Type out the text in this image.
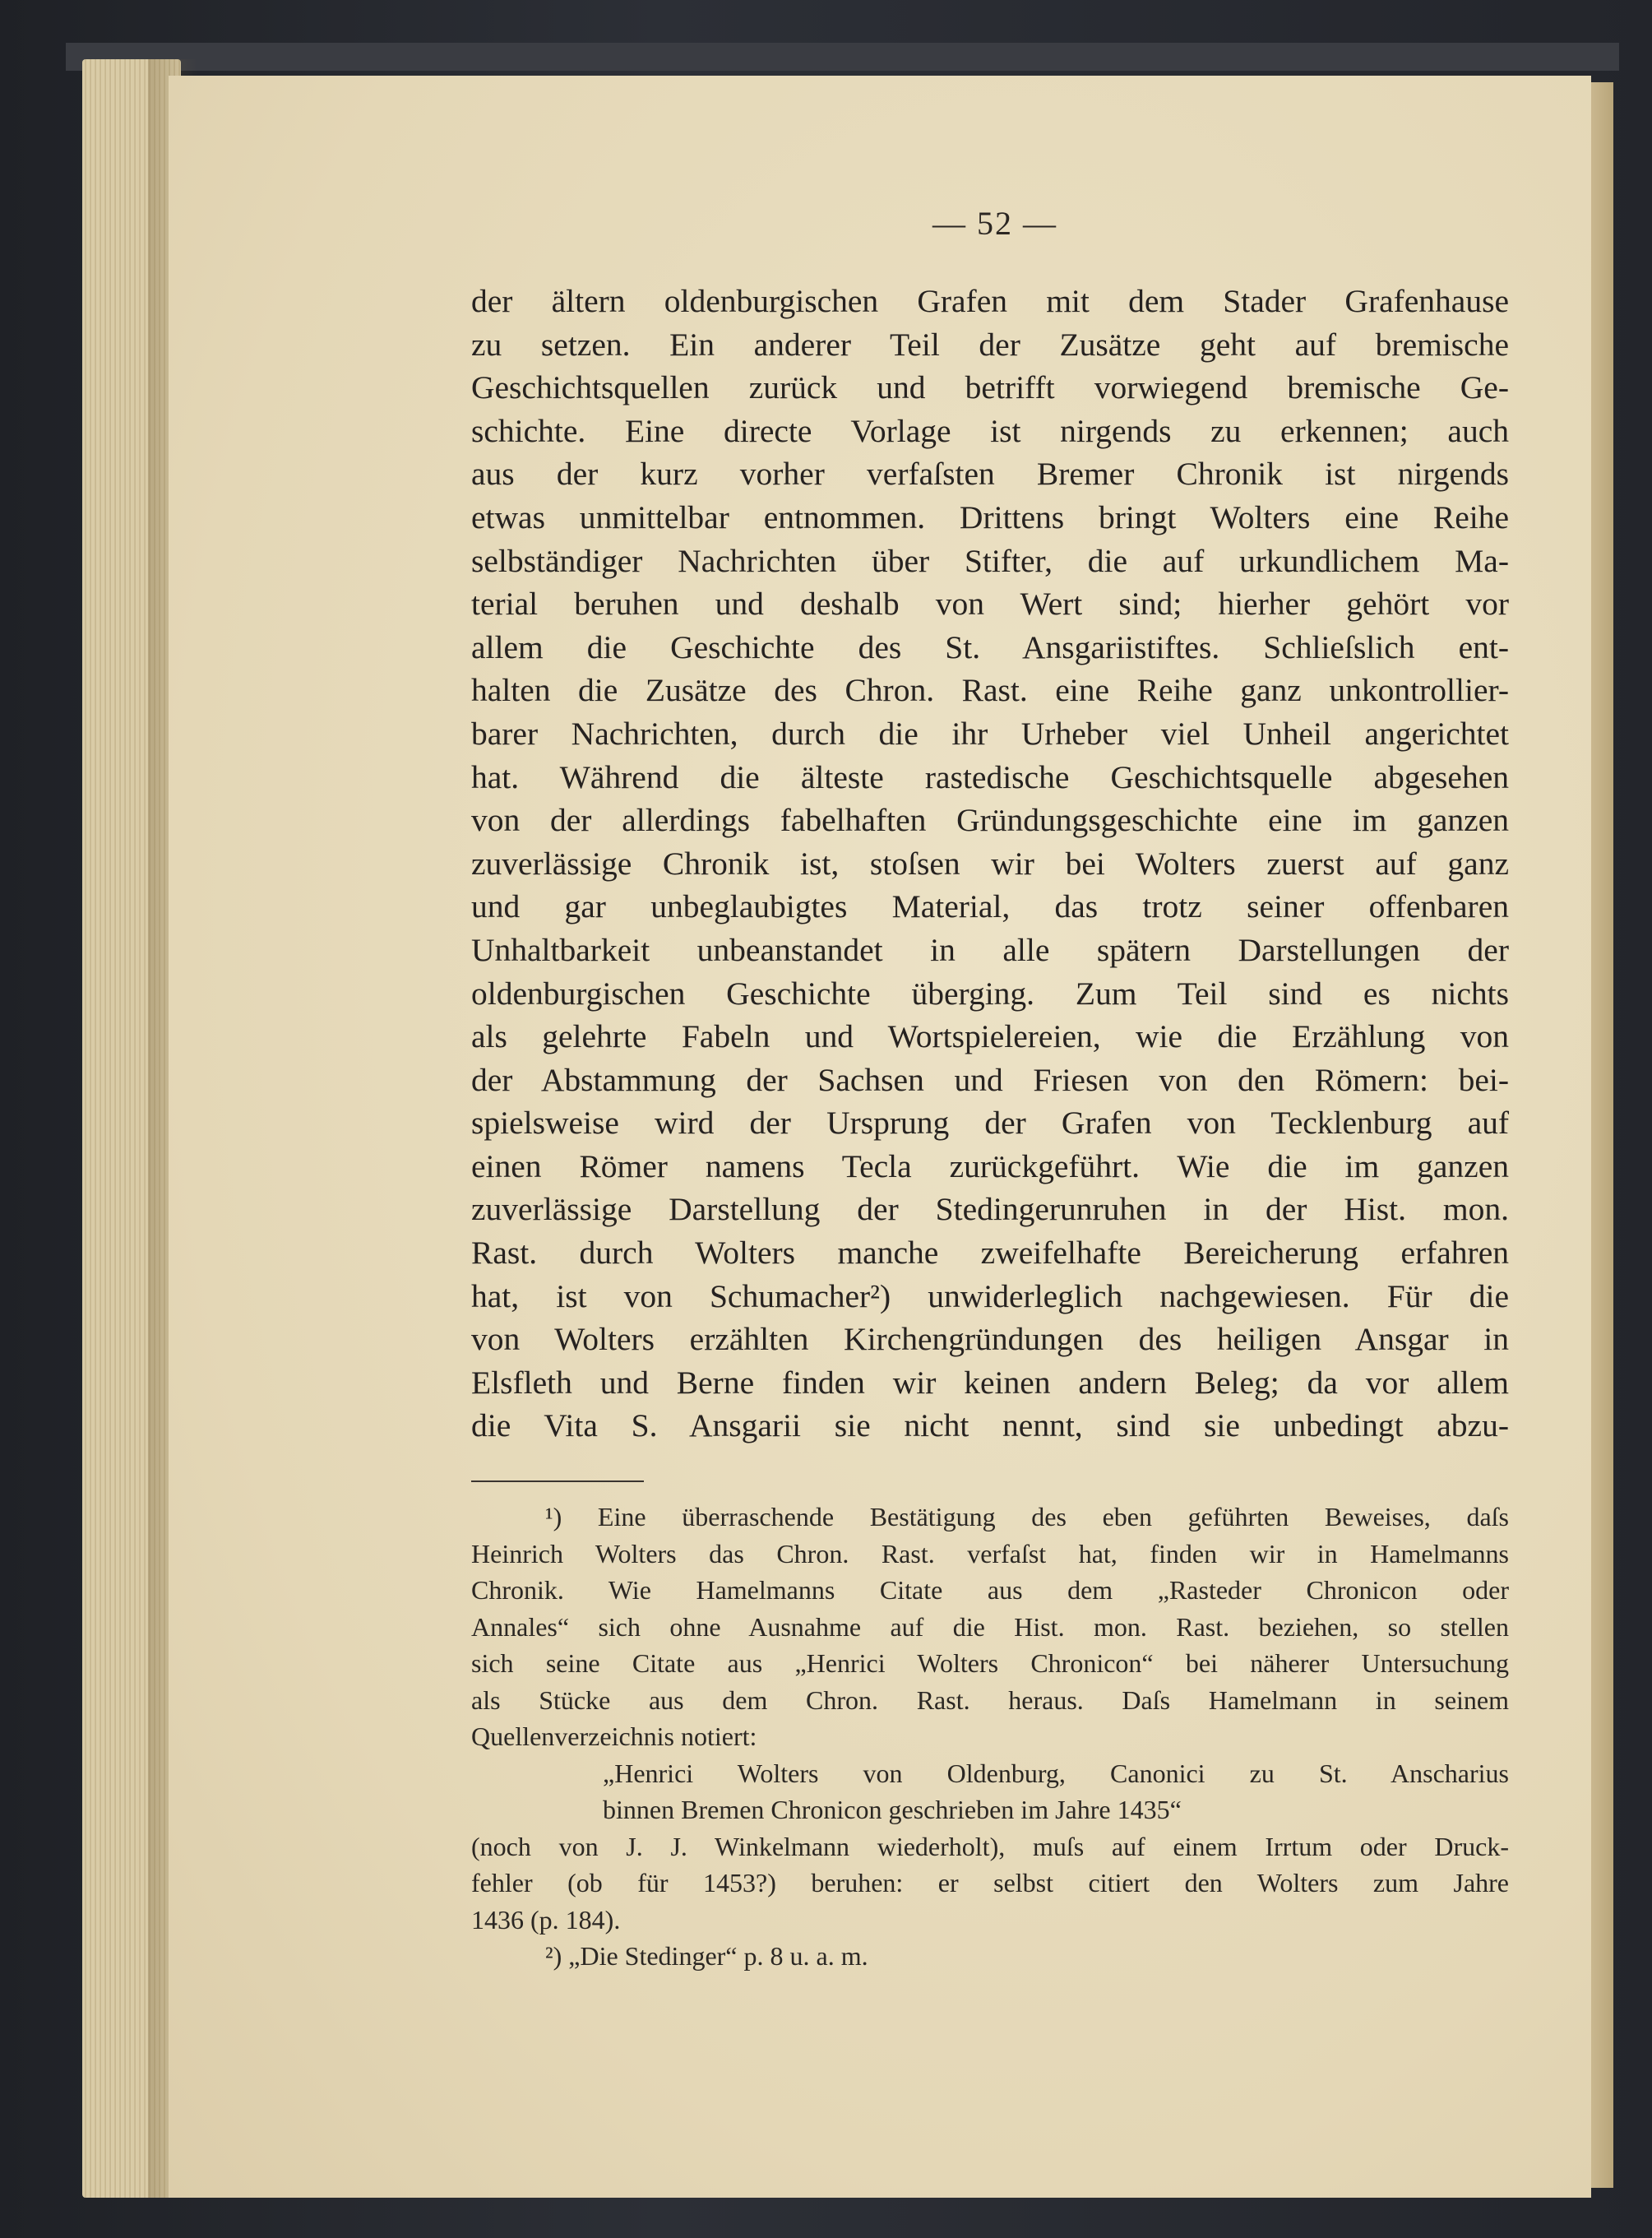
— 52 —
der ältern oldenburgischen Grafen mit dem Stader Grafenhause
zu setzen. Ein anderer Teil der Zusätze geht auf bremische
Geschichtsquellen zurück und betrifft vorwiegend bremische Ge-
schichte. Eine directe Vorlage ist nirgends zu erkennen; auch
aus der kurz vorher verfaſsten Bremer Chronik ist nirgends
etwas unmittelbar entnommen. Drittens bringt Wolters eine Reihe
selbständiger Nachrichten über Stifter, die auf urkundlichem Ma-
terial beruhen und deshalb von Wert sind; hierher gehört vor
allem die Geschichte des St. Ansgariistiftes. Schlieſslich ent-
halten die Zusätze des Chron. Rast. eine Reihe ganz unkontrollier-
barer Nachrichten, durch die ihr Urheber viel Unheil angerichtet
hat. Während die älteste rastedische Geschichtsquelle abgesehen
von der allerdings fabelhaften Gründungsgeschichte eine im ganzen
zuverlässige Chronik ist, stoſsen wir bei Wolters zuerst auf ganz
und gar unbeglaubigtes Material, das trotz seiner offenbaren
Unhaltbarkeit unbeanstandet in alle spätern Darstellungen der
oldenburgischen Geschichte überging. Zum Teil sind es nichts
als gelehrte Fabeln und Wortspielereien, wie die Erzählung von
der Abstammung der Sachsen und Friesen von den Römern: bei-
spielsweise wird der Ursprung der Grafen von Tecklenburg auf
einen Römer namens Tecla zurückgeführt. Wie die im ganzen
zuverlässige Darstellung der Stedingerunruhen in der Hist. mon.
Rast. durch Wolters manche zweifelhafte Bereicherung erfahren
hat, ist von Schumacher²) unwiderleglich nachgewiesen. Für die
von Wolters erzählten Kirchengründungen des heiligen Ansgar in
Elsfleth und Berne finden wir keinen andern Beleg; da vor allem
die Vita S. Ansgarii sie nicht nennt, sind sie unbedingt abzu-
¹) Eine überraschende Bestätigung des eben geführten Beweises, daſs
Heinrich Wolters das Chron. Rast. verfaſst hat, finden wir in Hamelmanns
Chronik. Wie Hamelmanns Citate aus dem „Rasteder Chronicon oder
Annales“ sich ohne Ausnahme auf die Hist. mon. Rast. beziehen, so stellen
sich seine Citate aus „Henrici Wolters Chronicon“ bei näherer Untersuchung
als Stücke aus dem Chron. Rast. heraus. Daſs Hamelmann in seinem
Quellenverzeichnis notiert:
„Henrici Wolters von Oldenburg, Canonici zu St. Anscharius
binnen Bremen Chronicon geschrieben im Jahre 1435“
(noch von J. J. Winkelmann wiederholt), muſs auf einem Irrtum oder Druck-
fehler (ob für 1453?) beruhen: er selbst citiert den Wolters zum Jahre
1436 (p. 184).
²) „Die Stedinger“ p. 8 u. a. m.
